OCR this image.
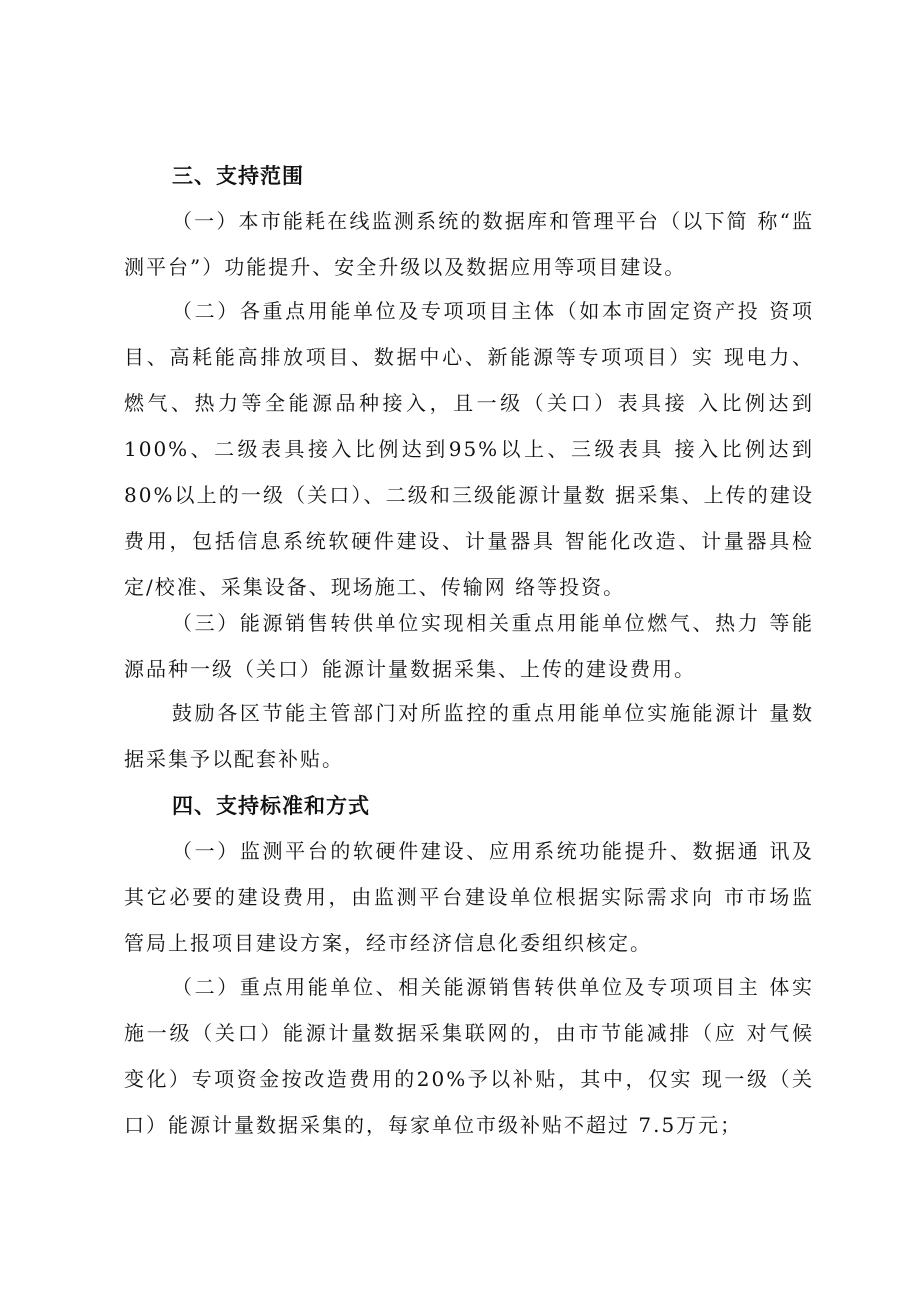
三、支持范围

（一）本市能耗在线监测系统的数据库和管理平台（以下简 称“监测平台”）功能提升、安全升级以及数据应用等项目建设。

（二）各重点用能单位及专项项目主体（如本市固定资产投 资项目、高耗能高排放项目、数据中心、新能源等专项项目）实 现电力、燃气、热力等全能源品种接入，且一级（关口）表具接 入比例达到100%、二级表具接入比例达到95%以上、三级表具 接入比例达到80%以上的一级（关口）、二级和三级能源计量数 据采集、上传的建设费用，包括信息系统软硬件建设、计量器具 智能化改造、计量器具检定/校准、采集设备、现场施工、传输网 络等投资。

（三）能源销售转供单位实现相关重点用能单位燃气、热力 等能源品种一级（关口）能源计量数据采集、上传的建设费用。

鼓励各区节能主管部门对所监控的重点用能单位实施能源计 量数据采集予以配套补贴。

四、支持标准和方式

（一）监测平台的软硬件建设、应用系统功能提升、数据通 讯及其它必要的建设费用，由监测平台建设单位根据实际需求向 市市场监管局上报项目建设方案，经市经济信息化委组织核定。

（二）重点用能单位、相关能源销售转供单位及专项项目主 体实施一级（关口）能源计量数据采集联网的，由市节能减排（应 对气候变化）专项资金按改造费用的20%予以补贴，其中，仅实 现一级（关口）能源计量数据采集的，每家单位市级补贴不超过 7.5万元；
